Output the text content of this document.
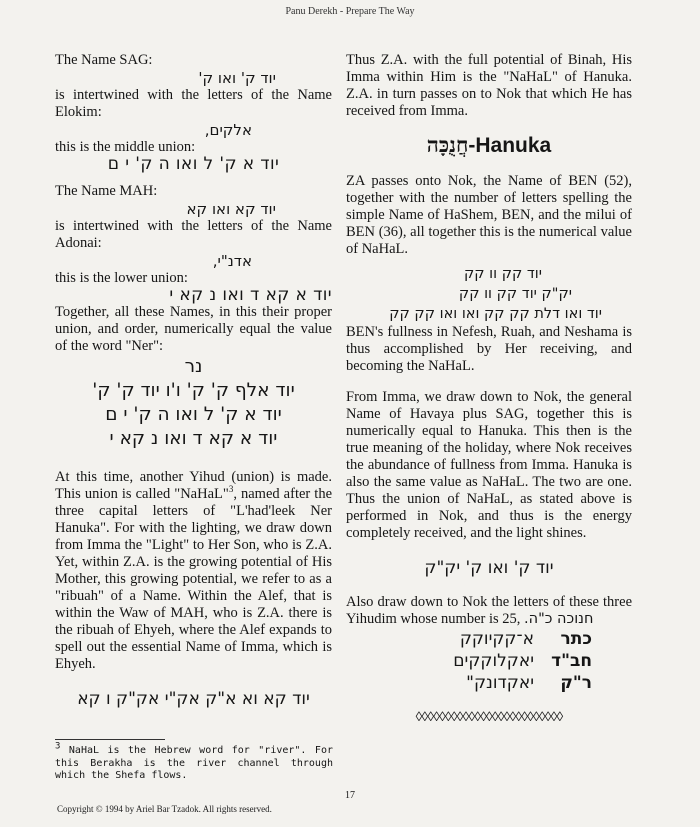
Panu Derekh - Prepare The Way

The Name SAG:

יוד ק' ואו ק'

is intertwined with the letters of the Name Elokim:

אלקים,

this is the middle union:

יוד א ק' ל ואו ה ק' י ם

The Name MAH:

יוד קא ואו קא

is intertwined with the letters of the Name Adonai:

אדנ"י,

this is the lower union:

יוד א קא ד ואו נ קא י

Together, all these Names, in this their proper union, and order, numerically equal the value of the word "Ner":

נר
יוד אלף ק' ק' ו'ו יוד ק' ק'
יוד א ק' ל ואו ה ק' י ם
יוד א קא ד ואו נ קא י

At this time, another Yihud (union) is made. This union is called "NaHaL"$^3$, named after the three capital letters of "L'had'leek Ner Hanuka". For with the lighting, we draw down from Imma the "Light" to Her Son, who is Z.A. Yet, within Z.A. is the growing potential of His Mother, this growing potential, we refer to as a "ribuah" of a Name. Within the Alef, that is within the Waw of MAH, who is Z.A. there is the ribuah of Ehyeh, where the Alef expands to spell out the essential Name of Imma, which is Ehyeh.

יוד קא וא א"ק אק"י אק"ק ו קא
$^3$ NaHaL is the Hebrew word for "river". For this Berakha is the river channel through which the Shefa flows.

Thus Z.A. with the full potential of Binah, His Imma within Him is the "NaHaL" of Hanuka. Z.A. in turn passes on to Nok that which He has received from Imma.

חֲנֻכָּה-Hanuka

ZA passes onto Nok, the Name of BEN (52), together with the number of letters spelling the simple Name of HaShem, BEN, and the milui of BEN (36), all together this is the numerical value of NaHaL.

יוד קק וו קק
יק"ק יוד קק וו קק
יוד ואו דלת קק קק ואו ואו קק קק

BEN's fullness in Nefesh, Ruah, and Neshama is thus accomplished by Her receiving, and becoming the NaHaL.

From Imma, we draw down to Nok, the general Name of Havaya plus SAG, together this is numerically equal to Hanuka. This then is the true meaning of the holiday, where Nok receives the abundance of fullness from Imma. Hanuka is also the same value as NaHaL. The two are one. Thus the union of NaHaL, as stated above is performed in Nok, and thus is the energy completely received, and the light shines.

יוד ק' ואו ק' יק"ק

Also draw down to Nok the letters of these three Yihudim whose number is 25, חנוכה כ"ה.

כתר
א־קקיוקק
חב"ד
יאקלוקקים
ר"ק
יאקדונק"
◊◊◊◊◊◊◊◊◊◊◊◊◊◊◊◊◊◊◊◊◊◊◊◊◊
17
Copyright © 1994 by Ariel Bar Tzadok. All rights reserved.
